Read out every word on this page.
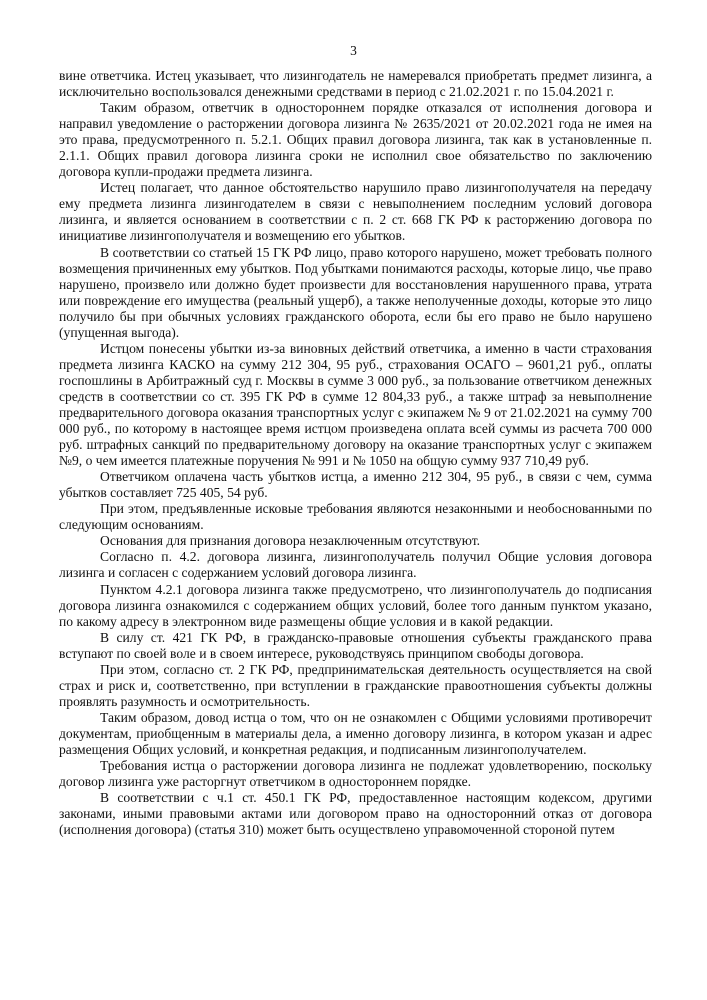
3

вине ответчика. Истец указывает, что лизингодатель не намеревался приобретать предмет лизинга, а исключительно воспользовался денежными средствами в период с 21.02.2021 г. по 15.04.2021 г.

Таким образом, ответчик в одностороннем порядке отказался от исполнения договора и направил уведомление о расторжении договора лизинга № 2635/2021 от 20.02.2021 года не имея на это права, предусмотренного п. 5.2.1. Общих правил договора лизинга, так как в установленные п. 2.1.1. Общих правил договора лизинга сроки не исполнил свое обязательство по заключению договора купли-продажи предмета лизинга.

Истец полагает, что данное обстоятельство нарушило право лизингополучателя на передачу ему предмета лизинга лизингодателем в связи с невыполнением последним условий договора лизинга, и является основанием в соответствии с п. 2 ст. 668 ГК РФ к расторжению договора по инициативе лизингополучателя и возмещению его убытков.

В соответствии со статьей 15 ГК РФ лицо, право которого нарушено, может требовать полного возмещения причиненных ему убытков. Под убытками понимаются расходы, которые лицо, чье право нарушено, произвело или должно будет произвести для восстановления нарушенного права, утрата или повреждение его имущества (реальный ущерб), а также неполученные доходы, которые это лицо получило бы при обычных условиях гражданского оборота, если бы его право не было нарушено (упущенная выгода).

Истцом понесены убытки из-за виновных действий ответчика, а именно в части страхования предмета лизинга КАСКО на сумму 212 304, 95 руб., страхования ОСАГО – 9601,21 руб., оплаты госпошлины в Арбитражный суд г. Москвы в сумме 3 000 руб., за пользование ответчиком денежных средств в соответствии со ст. 395 ГК РФ в сумме 12 804,33 руб., а также штраф за невыполнение предварительного договора оказания транспортных услуг с экипажем № 9 от 21.02.2021 на сумму 700 000 руб., по которому в настоящее время истцом произведена оплата всей суммы из расчета 700 000 руб. штрафных санкций по предварительному договору на оказание транспортных услуг с экипажем №9, о чем имеется платежные поручения № 991 и № 1050 на общую сумму 937 710,49 руб.

Ответчиком оплачена часть убытков истца, а именно 212 304, 95 руб., в связи с чем, сумма убытков составляет 725 405, 54 руб.

При этом, предъявленные исковые требования являются незаконными и необоснованными по следующим основаниям.

Основания для признания договора незаключенным отсутствуют.

Согласно п. 4.2. договора лизинга, лизингополучатель получил Общие условия договора лизинга и согласен с содержанием условий договора лизинга.

Пунктом 4.2.1 договора лизинга также предусмотрено, что лизингополучатель до подписания договора лизинга ознакомился с содержанием общих условий, более того данным пунктом указано, по какому адресу в электронном виде размещены общие условия и в какой редакции.

В силу ст. 421 ГК РФ, в гражданско-правовые отношения субъекты гражданского права вступают по своей воле и в своем интересе, руководствуясь принципом свободы договора.

При этом, согласно ст. 2 ГК РФ, предпринимательская деятельность осуществляется на свой страх и риск и, соответственно, при вступлении в гражданские правоотношения субъекты должны проявлять разумность и осмотрительность.

Таким образом, довод истца о том, что он не ознакомлен с Общими условиями противоречит документам, приобщенным в материалы дела, а именно договору лизинга, в котором указан и адрес размещения Общих условий, и конкретная редакция, и подписанным лизингополучателем.

Требования истца о расторжении договора лизинга не подлежат удовлетворению, поскольку договор лизинга уже расторгнут ответчиком в одностороннем порядке.

В соответствии с ч.1 ст. 450.1 ГК РФ, предоставленное настоящим кодексом, другими законами, иными правовыми актами или договором право на односторонний отказ от договора (исполнения договора) (статья 310) может быть осуществлено управомоченной стороной путем
